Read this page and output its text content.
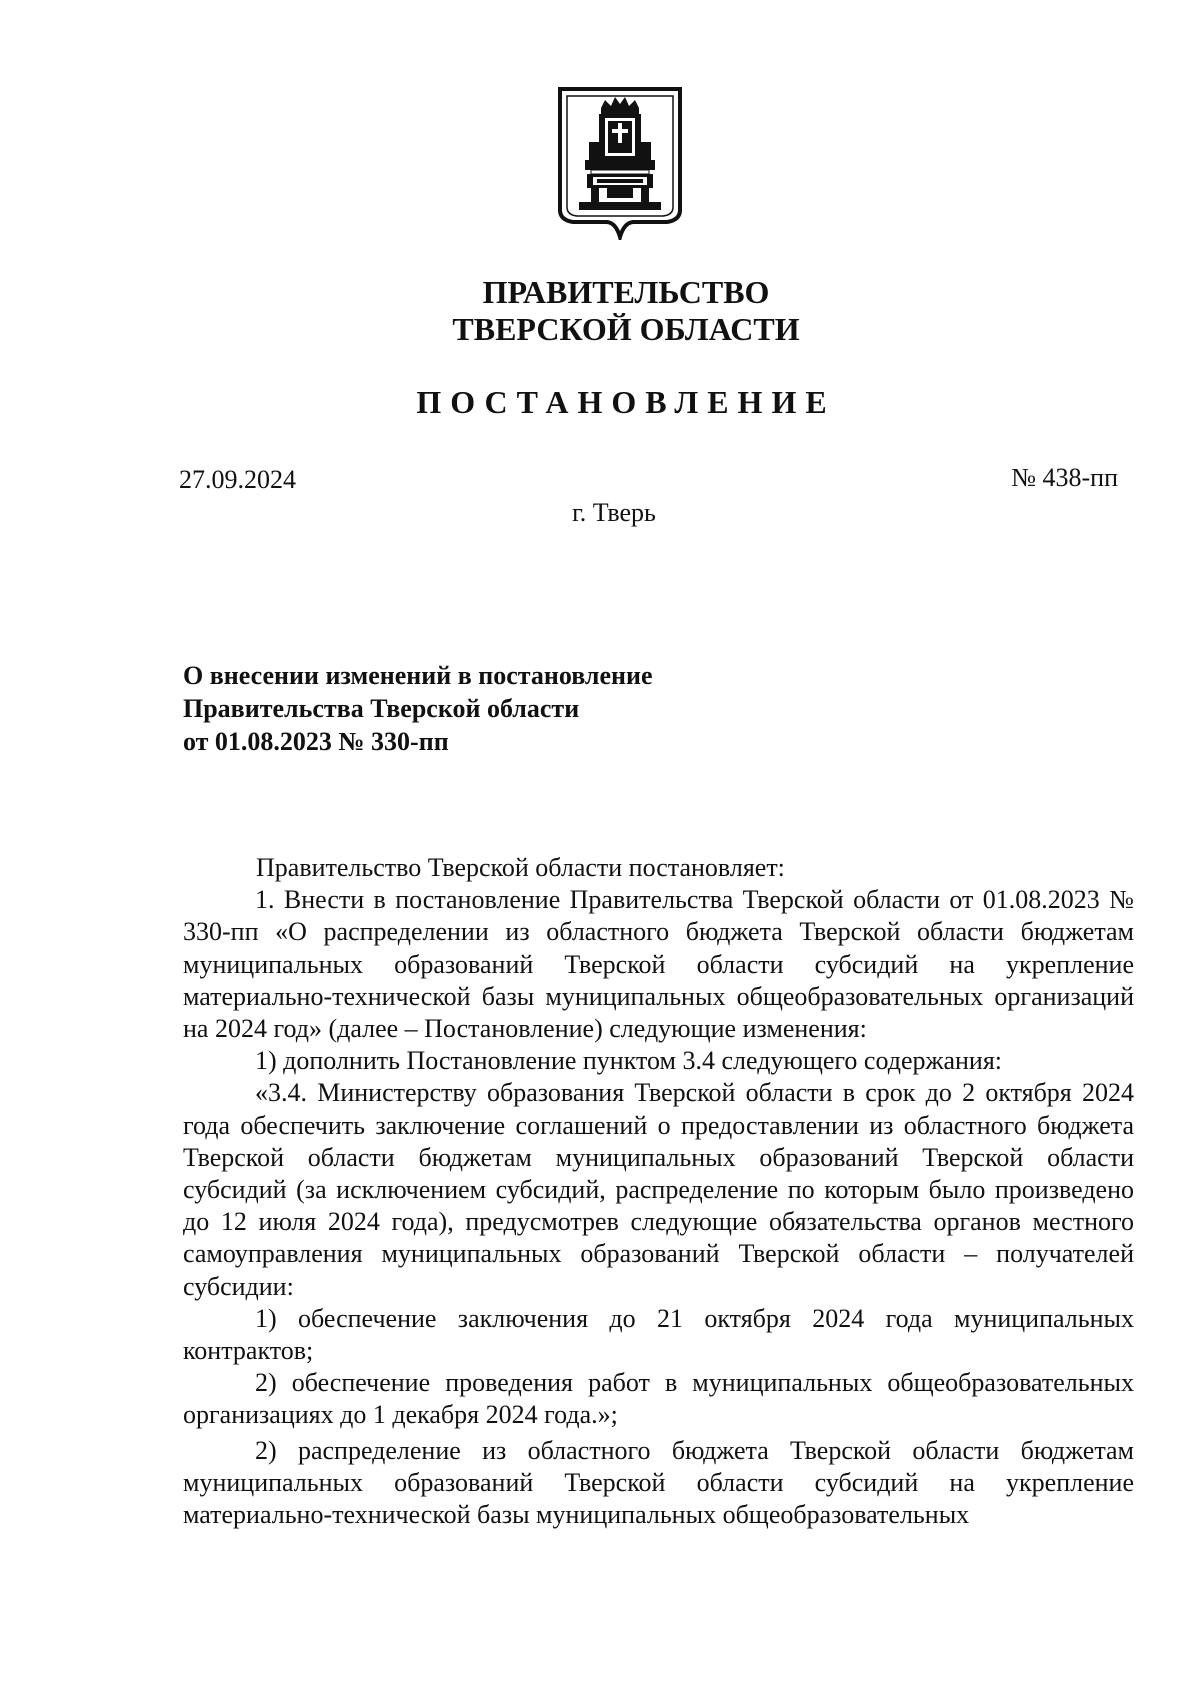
ПРАВИТЕЛЬСТВО
ТВЕРСКОЙ ОБЛАСТИ
ПОСТАНОВЛЕНИЕ
27.09.2024	№ 438-пп
г. Тверь
О внесении изменений в постановление
Правительства Тверской области
от 01.08.2023 № 330-пп

Правительство Тверской области постановляет:

1. Внести в постановление Правительства Тверской области от 01.08.2023 № 330-пп «О распределении из областного бюджета Тверской области бюджетам муниципальных образований Тверской области субсидий на укрепление материально-технической базы муниципальных общеобразовательных организаций на 2024 год» (далее – Постановление) следующие изменения:

1) дополнить Постановление пунктом 3.4 следующего содержания:

«3.4. Министерству образования Тверской области в срок до 2 октября 2024 года обеспечить заключение соглашений о предоставлении из областного бюджета Тверской области бюджетам муниципальных образований Тверской области субсидий (за исключением субсидий, распределение по которым было произведено до 12 июля 2024 года), предусмотрев следующие обязательства органов местного самоуправления муниципальных образований Тверской области – получателей субсидии:

1) обеспечение заключения до 21 октября 2024 года муниципальных контрактов;

2) обеспечение проведения работ в муниципальных общеобразовательных организациях до 1 декабря 2024 года.»;

2) распределение из областного бюджета Тверской области бюджетам муниципальных образований Тверской области субсидий на укрепление материально-технической базы муниципальных общеобразовательных
